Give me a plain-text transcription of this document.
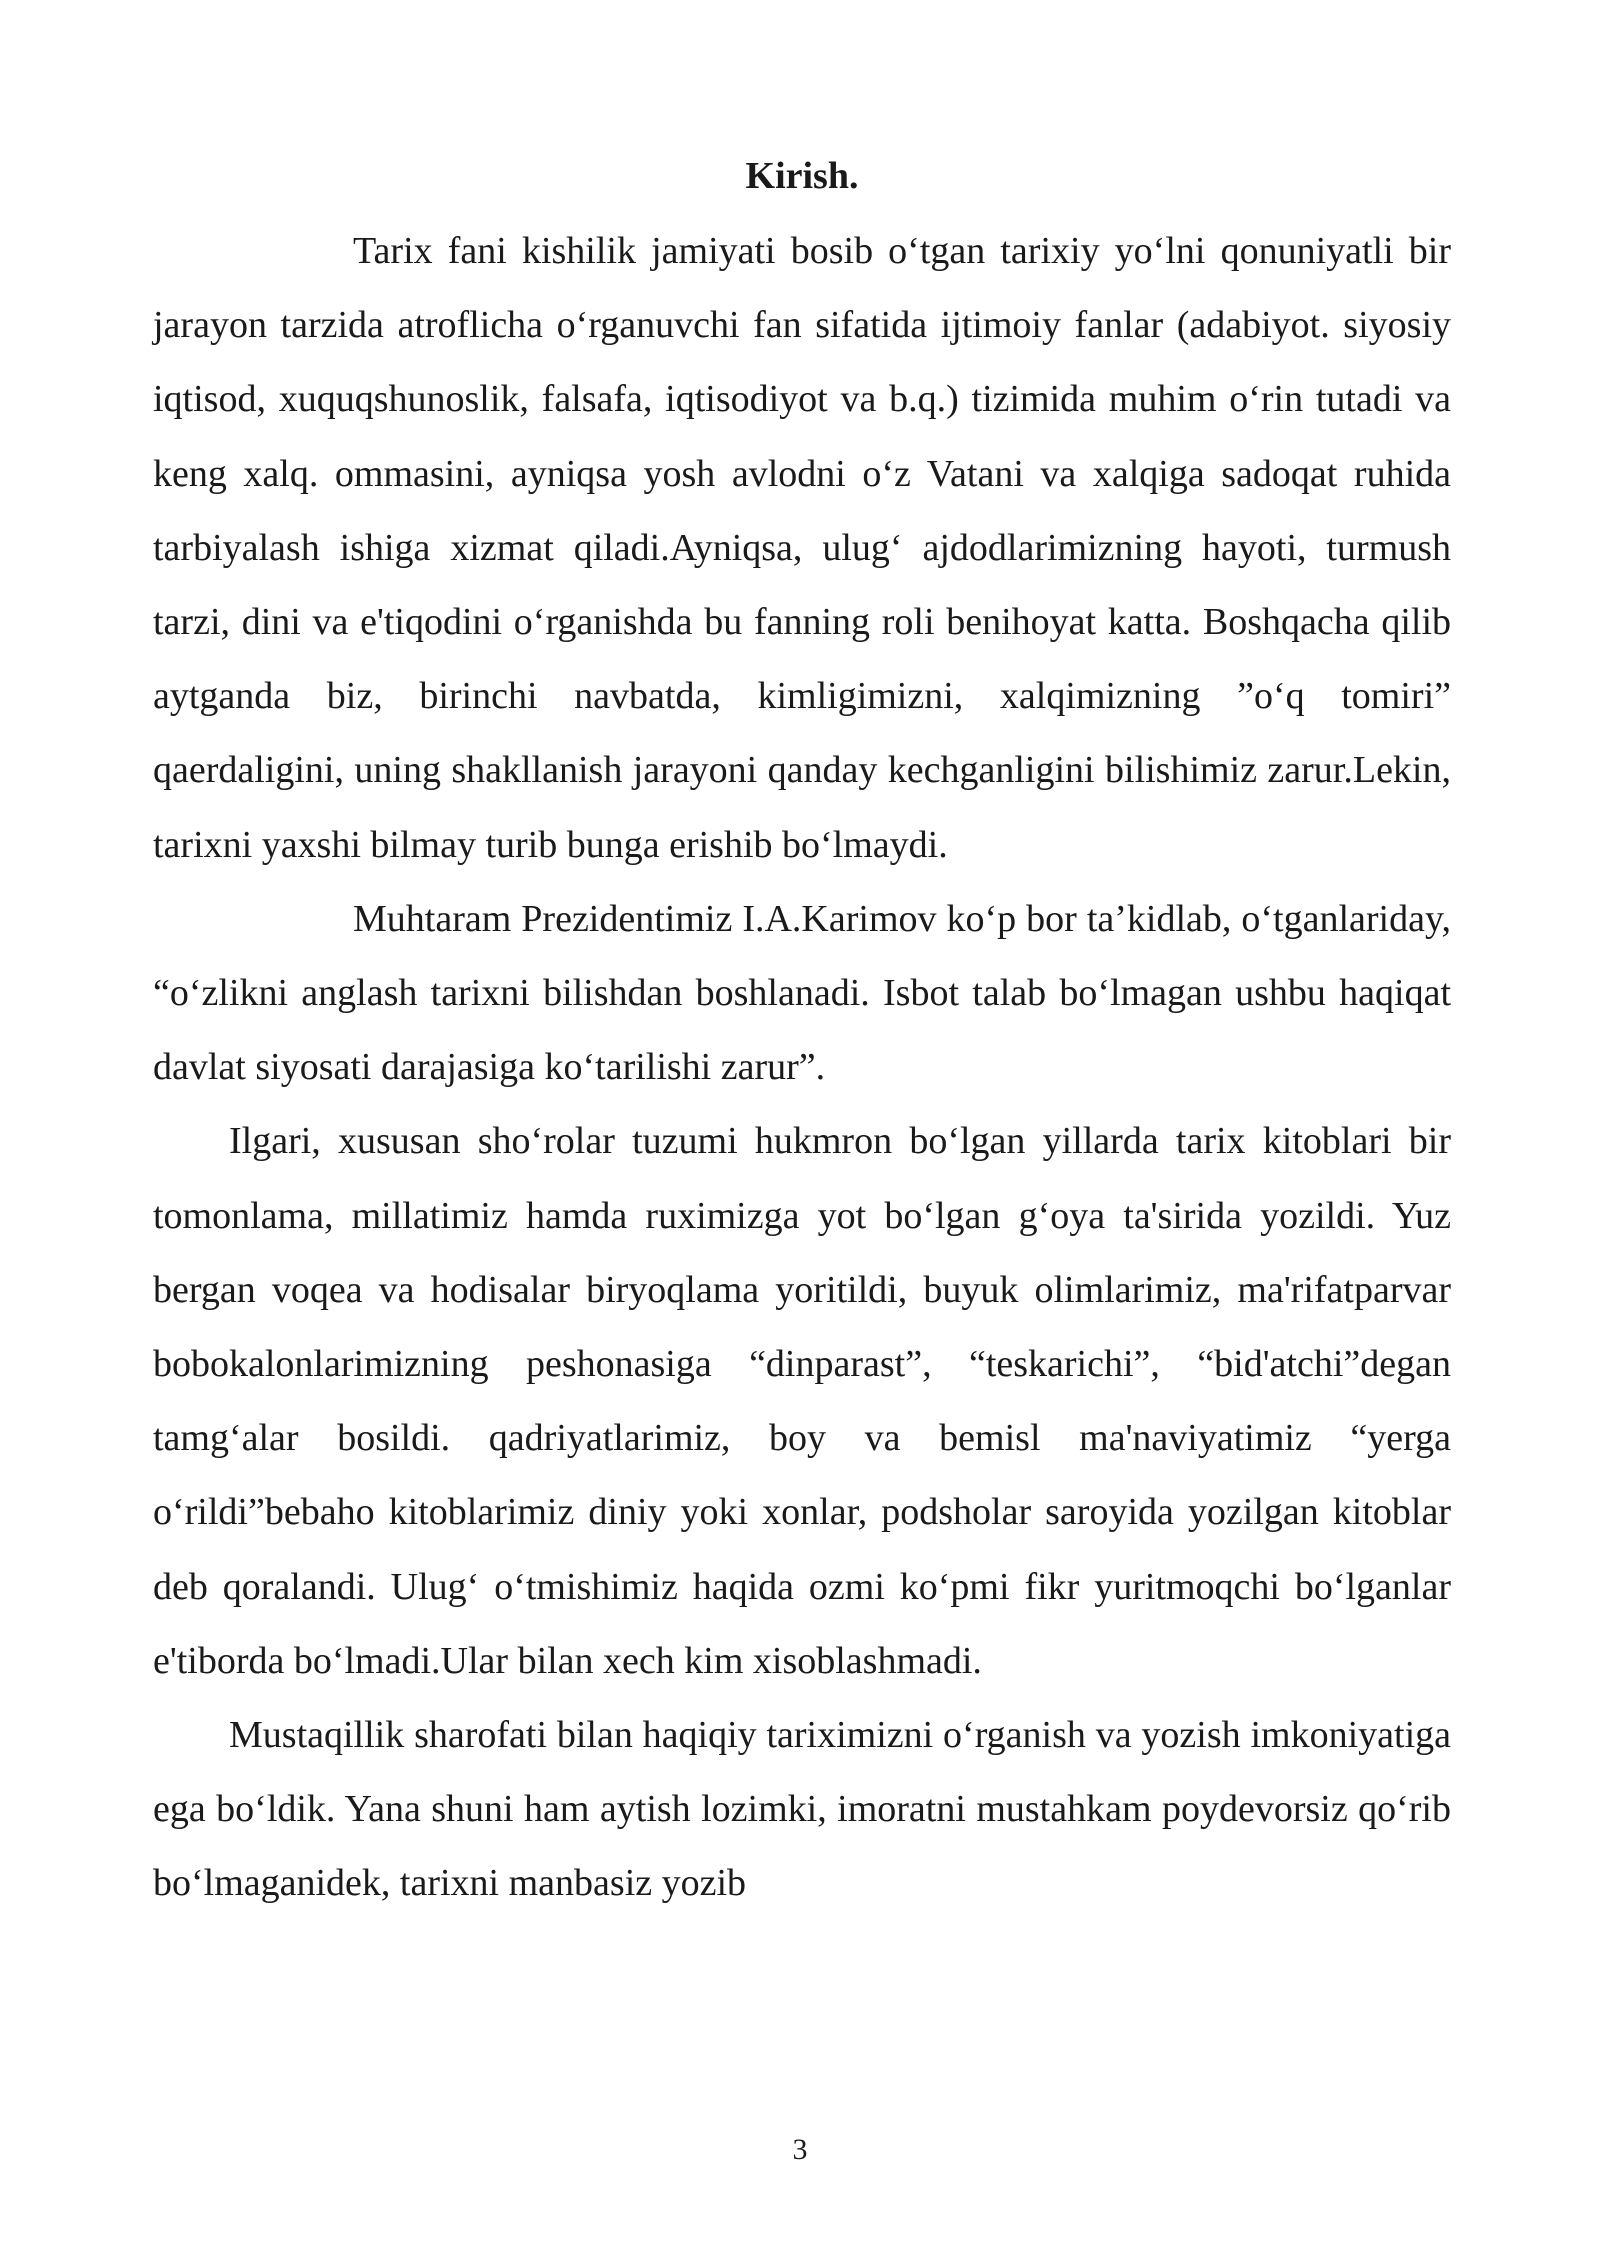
Kirish.

Tarix fani kishilik jamiyati bosib o‘tgan tarixiy yo‘lni qonuniyatli bir jarayon tarzida atroflicha o‘rganuvchi fan sifatida ijtimoiy fanlar (adabiyot. siyosiy iqtisod, xuquqshunoslik, falsafa, iqtisodiyot va b.q.) tizimida muhim o‘rin tutadi va keng xalq. ommasini, ayniqsa yosh avlodni o‘z Vatani va xalqiga sadoqat ruhida tarbiyalash ishiga xizmat qiladi.Ayniqsa, ulug‘ ajdodlarimizning hayoti, turmush tarzi, dini va e'tiqodini o‘rganishda bu fanning roli benihoyat katta. Boshqacha qilib aytganda biz, birinchi navbatda, kimligimizni, xalqimizning ”o‘q tomiri” qaerdaligini, uning shakllanish jarayoni qanday kechganligini bilishimiz zarur.Lekin, tarixni yaxshi bilmay turib bunga erishib bo‘lmaydi.

Muhtaram Prezidentimiz I.A.Karimov ko‘p bor ta’kidlab, o‘tganlariday, “o‘zlikni anglash tarixni bilishdan boshlanadi. Isbot talab bo‘lmagan ushbu haqiqat davlat siyosati darajasiga ko‘tarilishi zarur”.

Ilgari, xususan sho‘rolar tuzumi hukmron bo‘lgan yillarda tarix kitoblari bir tomonlama, millatimiz hamda ruximizga yot bo‘lgan g‘oya ta'sirida yozildi. Yuz bergan voqea va hodisalar biryoqlama yoritildi, buyuk olimlarimiz, ma'rifatparvar bobokalonlarimizning peshonasiga “dinparast”, “teskarichi”, “bid'atchi”degan tamg‘alar bosildi. qadriyatlarimiz, boy va bemisl ma'naviyatimiz “yerga o‘rildi”bebaho kitoblarimiz diniy yoki xonlar, podsholar saroyida yozilgan kitoblar deb qoralandi. Ulug‘ o‘tmishimiz haqida ozmi ko‘pmi fikr yuritmoqchi bo‘lganlar e'tiborda bo‘lmadi.Ular bilan xech kim xisoblashmadi.

Mustaqillik sharofati bilan haqiqiy tariximizni o‘rganish va yozish imkoniyatiga ega bo‘ldik. Yana shuni ham aytish lozimki, imoratni mustahkam poydevorsiz qo‘rib bo‘lmaganidek, tarixni manbasiz yozib

3
